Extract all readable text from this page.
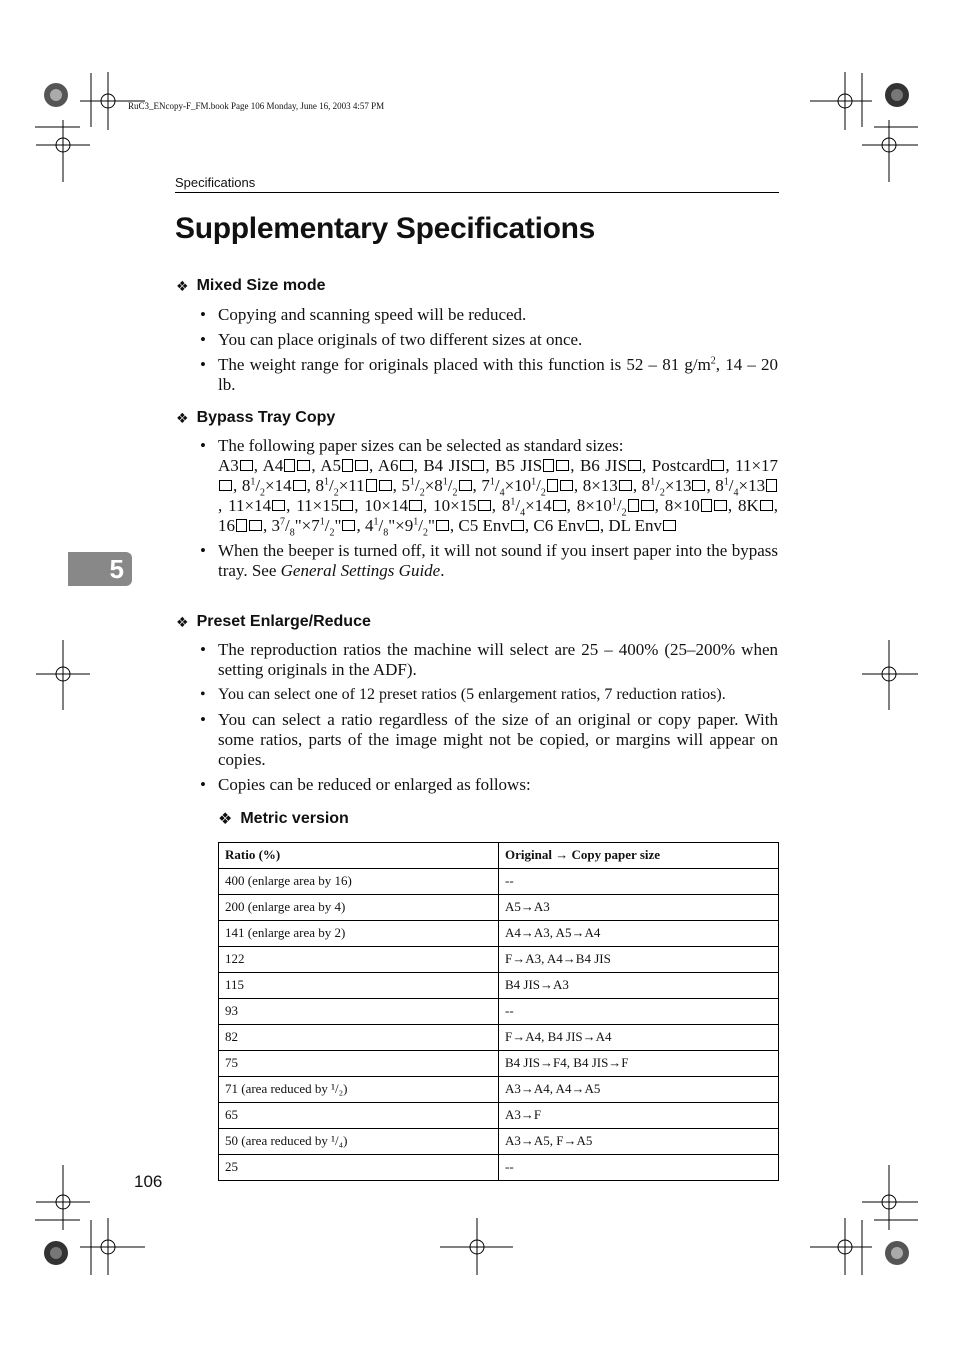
RuC3_ENcopy-F_FM.book Page 106 Monday, June 16, 2003 4:57 PM
Specifications
Supplementary Specifications
❖ Mixed Size mode
• Copying and scanning speed will be reduced.
• You can place originals of two different sizes at once.
• The weight range for originals placed with this function is 52 – 81 $g/m^2$, 14 – 20 lb.
❖ Bypass Tray Copy
• The following paper sizes can be selected as standard sizes:
A3 , A4 , A5 , A6 , B4 JIS , B5 JIS , B6 JIS , Postcard , 11×17, $8^1/_2\times 14$ , $8^1/_2\times 11$ , $5^1/_2\times 8^1/_2$ , $7^1/_4\times 10^1/_2$ , 8×13 , $8^1/_2\times 13$ , $8^1/_4\times 13$, 11×14 , 11×15 , 10×14 , 10×15 , $8^1/_4\times 14$ , $8\times 10^1/_2$ , 8×10 , 8K , 16 , $3^7/_8"\times 7^1/_2$" , $4^1/_8"\times 9^1/_2$" , C5 Env , C6 Env , DL Env
• When the beeper is turned off, it will not sound if you insert paper into the bypass tray. See General Settings Guide.
5
❖ Preset Enlarge/Reduce
• The reproduction ratios the machine will select are 25 – 400% (25–200% when setting originals in the ADF).
• You can select one of 12 preset ratios (5 enlargement ratios, 7 reduction ratios).
• You can select a ratio regardless of the size of an original or copy paper. With some ratios, parts of the image might not be copied, or margins will appear on copies.
• Copies can be reduced or enlarged as follows:
❖ Metric version
Ratio (%)	Original → Copy paper size
400 (enlarge area by 16)	--
200 (enlarge area by 4)	A5→A3
141 (enlarge area by 2)	A4→A3, A5→A4
122	F→A3, A4→B4 JIS
115	B4 JIS→A3
93	--
82	F→A4, B4 JIS→A4
75	B4 JIS→F4, B4 JIS→F
71 (area reduced by ¹/₂)	A3→A4, A4→A5
65	A3→F
50 (area reduced by ¹/₄)	A3→A5, F→A5
25	--
106
